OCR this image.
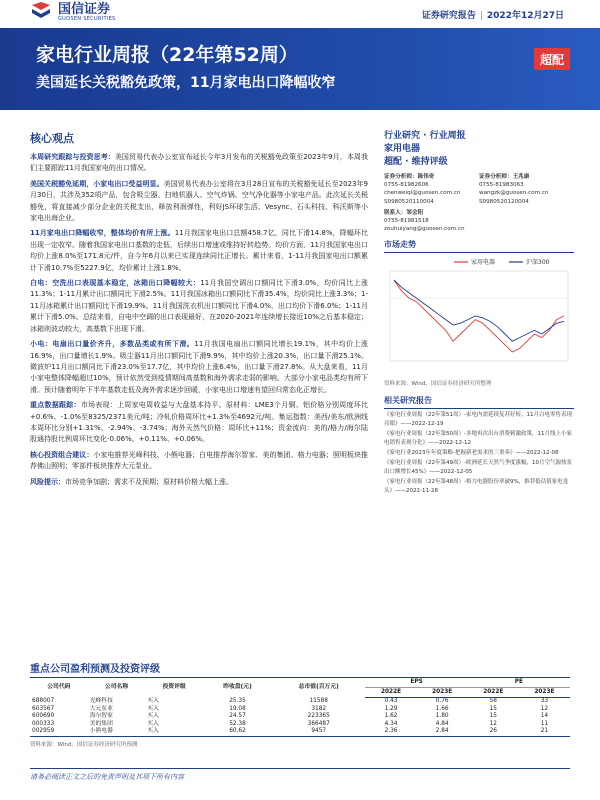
国信证券
GUOSEN SECURITIES	证券研究报告 | 2022年12月27日
家电行业周报（22年第52周）
美国延长关税豁免政策，11月家电出口降幅收窄
超配
核心观点
本周研究跟踪与投资思考：美国贸易代表办公室宣布延长今年3月发布的关税豁免政策至2023年9月，本周我们主要跟踪11月我国家电的出口情况。
美国关税豁免延期，小家电出口受益明显。美国贸易代表办公室将在3月28日宣布的关税豁免延长至2023年9月30日，共涉及352项产品，包含吸尘器、扫地机器人、空气炸锅、空气净化器等小家电产品。此次延长关税豁免，将直接减少部分企业的关税支出，释放利润弹性，利好JS环球生活、Vesync、石头科技、科沃斯等小家电出海企业。
11月家电出口降幅收窄，整体均价有所上涨。11月我国家电出口总额458.7亿，同比下滑14.8%，降幅环比出现一定收窄。随着我国家电出口基数的走低，后续出口增速或维持好转趋势。均价方面，11月我国家电出口均价上涨8.0%至171.8元/件，自今年6月以来已实现连续同比正增长。累计来看，1-11月我国家电出口额累计下滑10.7%至5227.9亿，均价累计上涨1.8%。
白电：空洗出口表现基本稳定，冰箱出口降幅较大：11月我国空调出口额同比下滑3.0%，均价同比上涨11.3%；1-11月累计出口额同比下滑2.5%。11月我国冰箱出口额同比下滑35.4%，均价同比上涨3.3%；1-11月冰箱累计出口额同比下滑19.9%。11月我国洗衣机出口额同比下滑4.0%，出口均价下滑6.0%；1-11月累计下滑5.0%。总结来看，自电中空调的出口表现最好，在2020-2021年连续增长接近10%之后基本稳定；冰箱则波动较大，高基数下出现下滑。
小电：电扇出口量价齐升，多数品类或有所下滑。11月我国电扇出口额同比增长19.1%，其中均价上涨16.9%，出口量增长1.9%。吸尘器11月出口额同比下滑9.9%，其中均价上涨20.3%，出口量下滑25.1%。微波炉11月出口额同比下滑23.0%至17.7亿，其中均价上涨6.4%，出口量下滑27.8%。从大盘来看，11月小家电整体降幅超过10%，预计依然受到疫情期间高基数和海外需求走弱的影响，大部分小家电品类均有所下滑。预计随着明年下半年基数走低及海外需求逐步回暖，小家电出口增速有望回归常态化正增长。
重点数据跟踪：市场表现：上周家电周收益与大盘基本持平。原材料：LME3个月铜、铝价格分别周度环比+0.6%、-1.0%至8325/2371美元/吨；冷轧价格周环比+1.3%至4692元/吨。集运指数：美西/美东/欧洲线本周环比分别+1.31%、-2.94%、-3.74%；海外天然气价格：周环比+11%；资金流向：美的/格力/海尔陆股通持股比例周环比变化-0.06%、+0.11%、+0.06%。
核心投资组合建议：小家电推荐光峰科技、小熊电器；白电推荐海尔智家、美的集团、格力电器；照明板块推荐佛山照明；零部件板块推荐大元泵业。
风险提示：市场竞争加剧；需求不及预期；原材料价格大幅上涨。
行业研究 · 行业周报
家用电器
超配 · 维持评级
证券分析师：陈伟奇
0755-81982606
chenweiqi@guosen.com.cn
S0980520110004
证券分析师：王兆康
0755-81983063
wangzk@guosen.com.cn
S0980520120004
联系人：邹会阳
0755-81981518
zouhuiyang@guosen.com.cn
市场走势
家用电器	沪深300
资料来源：Wind、国信证券经济研究所整理
相关研究报告
《家电行业周报（22年第51周）-家电内需延续复苏好转，11月白电零售表现亮眼》——2022-12-19
《家电行业周报（22年第50周）-多地再次出台消费刺激政策，11月线上小家电销售表现分化》——2022-12-12
《家电行业2023年年度策略-把握新老需求的三重奏》——2022-12-08
《家电行业周报（22年第49周）-欧洲延长天然气季度涨幅，10月空气源热泵出口额增长45%》——2022-12-05
《家电行业周报（22年第48周）-格力电器股份率破9%，推荐低估值家电龙头》——2022-11-28
重点公司盈利预测及投资评级
公司代码	公司名称	投资评级	昨收盘(元)	总市值(百万元)	EPS		PE	
					2022E	2023E	2022E	2023E
688007	光峰科技	买入	25.35	11588	0.43	0.76	58	33
603567	大元泵业	买入	19.08	3182	1.29	1.66	15	12
600690	海尔智家	买入	24.57	223365	1.62	1.80	15	14
000333	美的集团	买入	52.38	366487	4.34	4.84	12	11
002959	小熊电器	买入	60.62	9457	2.36	2.84	26	21
资料来源：Wind、国信证券经济研究所预测
请务必阅读正文之后的免责声明及其项下所有内容
